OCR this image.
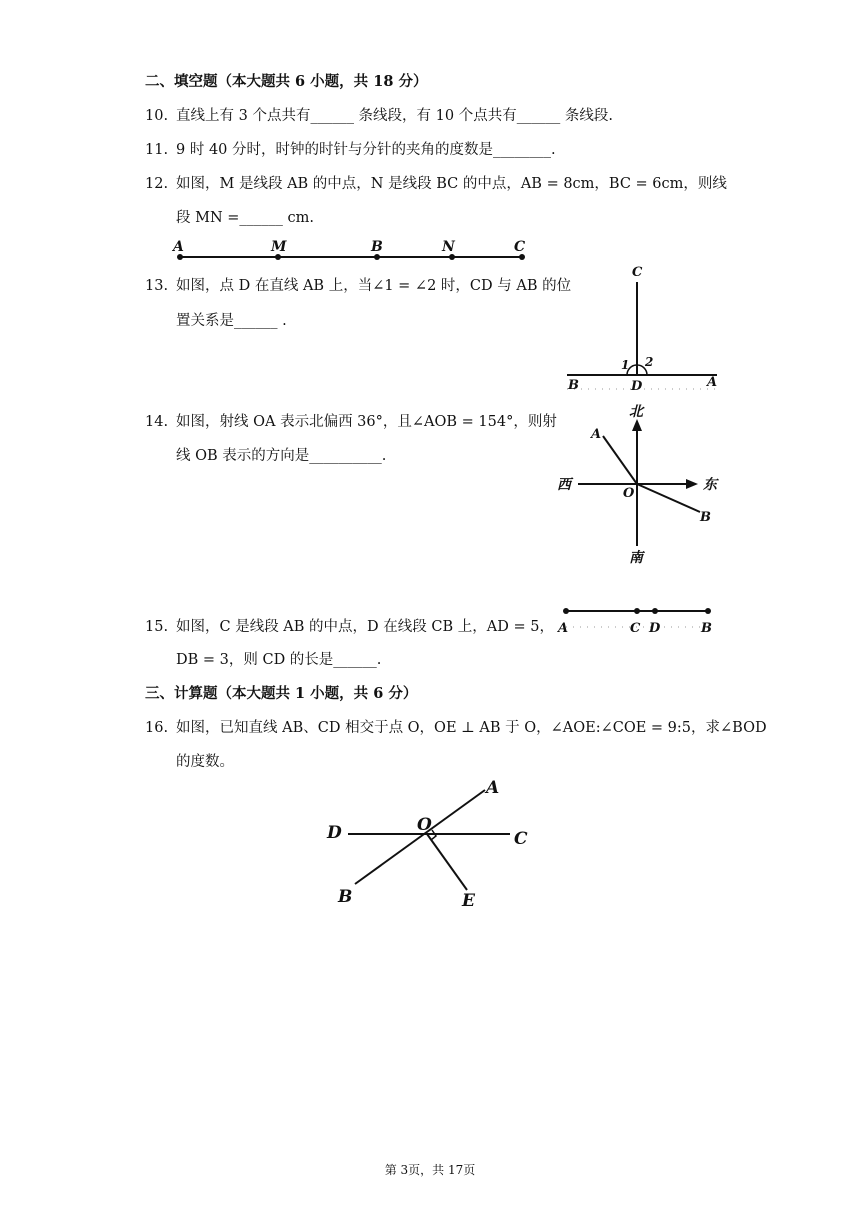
二、填空题（本大题共 6 小题，共 18 分）
10. 直线上有 3 个点共有______ 条线段，有 10 个点共有______ 条线段.
11. 9 时 40 分时，时钟的时针与分针的夹角的度数是________.
12. 如图，M 是线段 AB 的中点，N 是线段 BC 的中点，AB = 8cm，BC = 6cm，则线
段 MN =______ cm.
A	M	B	N	C
13. 如图，点 D 在直线 AB 上，当∠1 = ∠2 时，CD 与 AB 的位
置关系是______ .
C
1 2
B	D	A
14. 如图，射线 OA 表示北偏西 36°，且∠AOB = 154°，则射
线 OB 表示的方向是__________.
北
南
西	东
O
A
B
15. 如图，C 是线段 AB 的中点，D 在线段 CB 上，AD = 5，
DB = 3，则 CD 的长是______.
A	C D	B
三、计算题（本大题共 1 小题，共 6 分）
16. 如图，已知直线 AB、CD 相交于点 O，OE ⊥ AB 于 O，∠AOE:∠COE = 9:5，求∠BOD
的度数。
A
D	O
C
B	E
第 3页，共 17页
